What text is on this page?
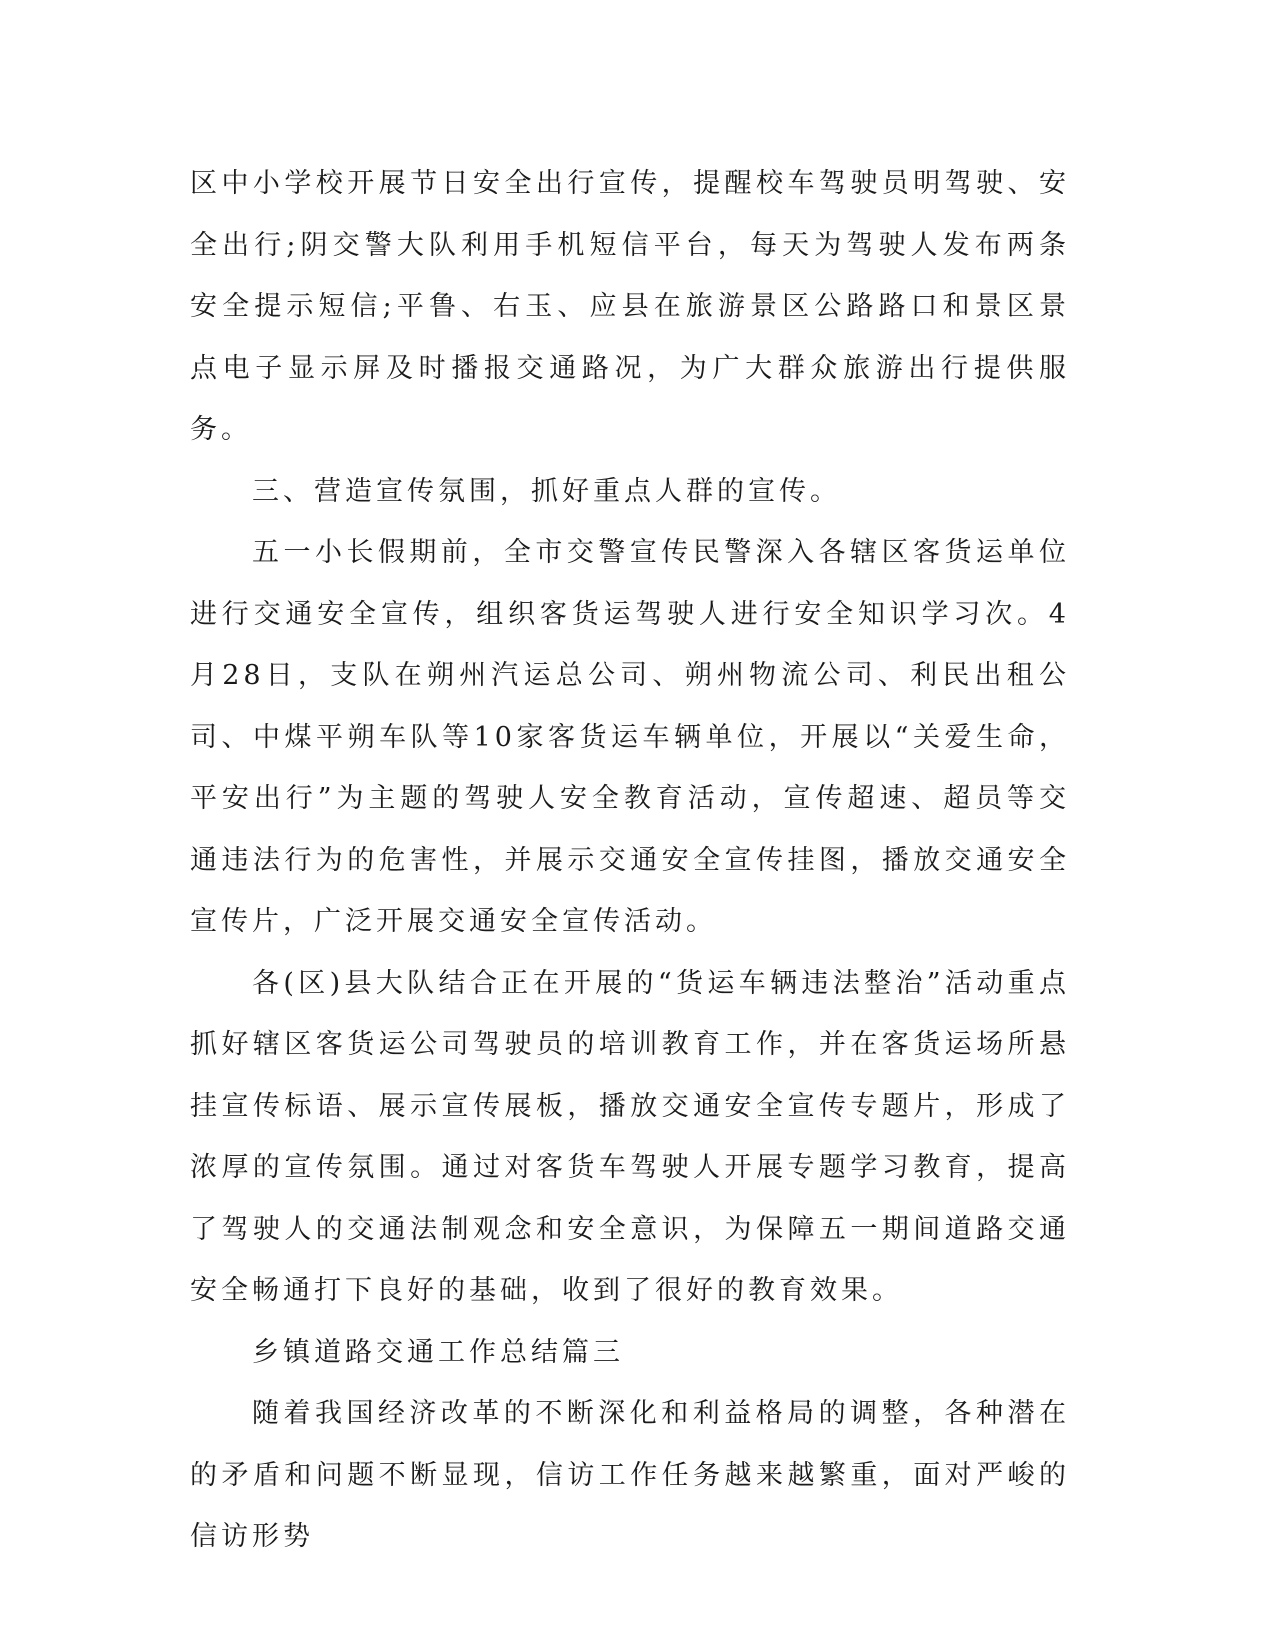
区中小学校开展节日安全出行宣传，提醒校车驾驶员明驾驶、安全出行;阴交警大队利用手机短信平台，每天为驾驶人发布两条安全提示短信;平鲁、右玉、应县在旅游景区公路路口和景区景点电子显示屏及时播报交通路况，为广大群众旅游出行提供服务。

三、营造宣传氛围，抓好重点人群的宣传。

五一小长假期前，全市交警宣传民警深入各辖区客货运单位进行交通安全宣传，组织客货运驾驶人进行安全知识学习次。4月28日，支队在朔州汽运总公司、朔州物流公司、利民出租公司、中煤平朔车队等10家客货运车辆单位，开展以“关爱生命，平安出行”为主题的驾驶人安全教育活动，宣传超速、超员等交通违法行为的危害性，并展示交通安全宣传挂图，播放交通安全宣传片，广泛开展交通安全宣传活动。

各(区)县大队结合正在开展的“货运车辆违法整治”活动重点抓好辖区客货运公司驾驶员的培训教育工作，并在客货运场所悬挂宣传标语、展示宣传展板，播放交通安全宣传专题片，形成了浓厚的宣传氛围。通过对客货车驾驶人开展专题学习教育，提高了驾驶人的交通法制观念和安全意识，为保障五一期间道路交通安全畅通打下良好的基础，收到了很好的教育效果。

乡镇道路交通工作总结篇三

随着我国经济改革的不断深化和利益格局的调整，各种潜在的矛盾和问题不断显现，信访工作任务越来越繁重，面对严峻的信访形势
